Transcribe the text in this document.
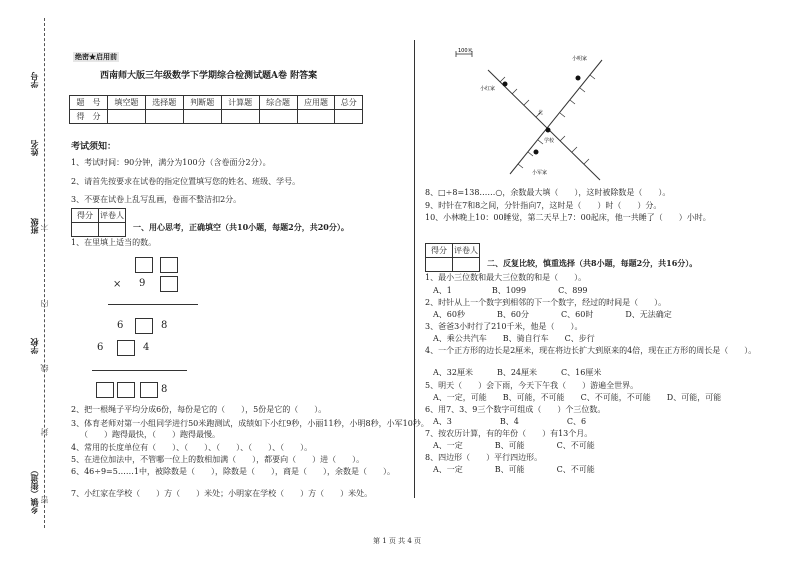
学号
姓名
班级
学校
乡镇（街道）
不
内
线
封
密
绝密★启用前
西南师大版三年级数学下学期综合检测试题A卷 附答案
题　号	填空题	选择题	判断题	计算题	综合题	应用题	总分
得　分							
考试须知：
1、考试时间：90分钟，满分为100分（含卷面分2分）。
2、请首先按要求在试卷的指定位置填写您的姓名、班级、学号。
3、不要在试卷上乱写乱画，卷面不整洁扣2分。
得分	评卷人

一、用心思考，正确填空（共10小题，每题2分，共20分）。
1、在里填上适当的数。
× 9
6	8
6	4
8
2、把一根绳子平均分成6份，每份是它的（　　），5份是它的（　　）。
3、体育老师对第一小组同学进行50米跑测试，成绩如下小红9秒，小丽11秒，小明8秒，小军10秒。
（　　）跑得最快，（　　）跑得最慢。
4、常用的长度单位有（　　）、（　　）、（　　）、（　　）、（　　）。
5、在进位加法中，不管哪一位上的数相加满（　　），都要向（　　）进（　　）。
6、46÷9=5……1中，被除数是（　　），除数是（　　），商是（　　），余数是（　　）。
7、小红家在学校（　　）方（　　）米处；小明家在学校（　　）方（　　）米处。
100米
小明家
小红家
北
学校
小军家
8、□÷8=138……○，余数最大填（　　），这时被除数是（　　）。
9、时针在7和8之间，分针指向7，这时是（　　）时（　　）分。
10、小林晚上10：00睡觉，第二天早上7：00起床，他一共睡了（　　）小时。
得分	评卷人

二、反复比较，慎重选择（共8小题，每题2分，共16分）。
1、最小三位数和最大三位数的和是（　　）。
A、1　　　　　B、1099　　　　C、899
2、时针从上一个数字到相邻的下一个数字，经过的时间是（　　）。
A、60秒　　　　B、60分　　　　C、60时　　　　D、无法确定
3、爸爸3小时行了210千米，他是（　　）。
A、乘公共汽车　　B、骑自行车　　C、步行
4、一个正方形的边长是2厘米，现在将边长扩大到原来的4倍，现在正方形的周长是（　　）。
A、32厘米　　　B、24厘米　　　C、16厘米
5、明天（　　）会下雨，今天下午我（　　）游遍全世界。
A、一定，可能　　B、可能，不可能　　C、不可能，不可能　　D、可能，可能
6、用7、3、9三个数字可组成（　　）个三位数。
A、3　　　　　　B、4　　　　　　C、6
7、按农历计算，有的年份（　　）有13个月。
A、一定　　　　B、可能　　　　C、不可能
8、四边形（　　）平行四边形。
A、一定　　　　B、可能　　　　C、不可能
第 1 页 共 4 页
